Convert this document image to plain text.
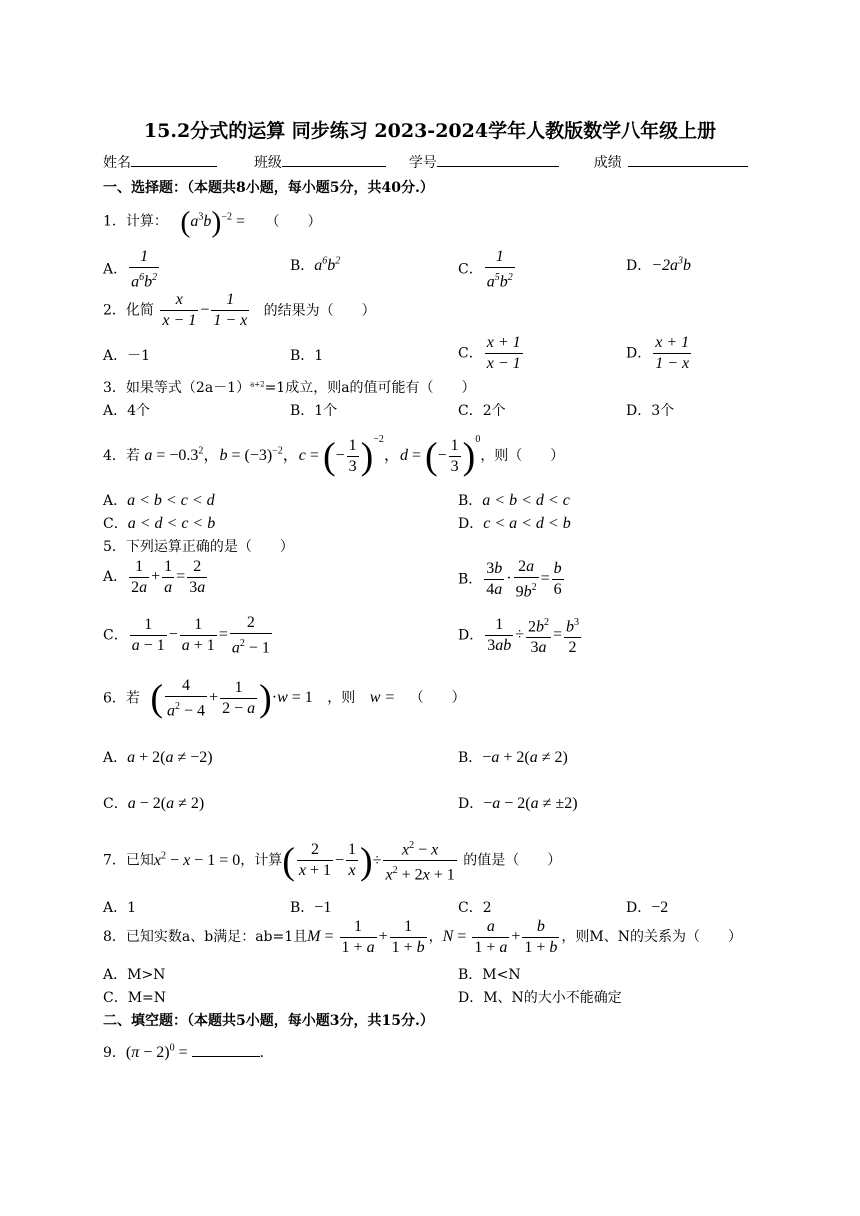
15.2分式的运算 同步练习 2023-2024学年人教版数学八年级上册
姓名	班级	学号	成绩
一、选择题：（本题共8小题，每小题5分，共40分.）
1．计算： $(a^3b)^{-2}$ = （　　）
A． $\frac{1}{a^6b^2}$	B．$a^6b^2$
C． $\frac{1}{a^5b^2}$	D．$-2a^3b$
2．化简 $\frac{x}{x - 1} - \frac{1}{1 - x}$ 的结果为（　　）
A．－1	B．1	C． $\frac{x + 1}{x - 1}$	D． $\frac{x + 1}{1 - x}$
3．如果等式$(2a-1)^{a+2}=1$成立，则a的值可能有（　　）
A．4个	B．1个	C．2个	D．3个
4．若 $a = -0.3^2$，$b = (-3)^{-2}$，c = (− $\frac{1}{3} )^{-2}$，d = (− $\frac{1}{3} )^0$，则（　　）
A．a < b < c < d	B．a < b < d < c
C．a < d < c < b	D．c < a < d < b
5．下列运算正确的是（　　）
A． $\frac{1}{2a} + \frac{1}{a} = \frac{2}{3a}$	B． $\frac{3b}{4a} \cdot \frac{2a}{9b^2} = \frac{b}{6}$
C． $\frac{1}{a - 1} - \frac{1}{a + 1} = \frac{2}{a^2 - 1}$	D． $\frac{1}{3ab} \div \frac{2b^2}{3a} = \frac{b^3}{2}$
6．若 ( $\frac{4}{a^2 - 4} + \frac{1}{2 - a} )\cdot w = 1$ ，则 w = （　　）
A．a + 2(a ≠ −2)	B．−a + 2(a ≠ 2)
C．a − 2(a ≠ 2)	D．−a − 2(a ≠ ±2)
7．已知$x^2 - x - 1 = 0$，计算( $\frac{2}{x + 1} - \frac{1}{x}$ )÷ $\frac{x^2 - x}{x^2 + 2x + 1}$ 的值是（　　）
A．1	B．−1	C．2	D．−2
8．已知实数a、b满足：ab=1且$M = \frac{1}{1 + a} + \frac{1}{1 + b}$ ，$N = \frac{a}{1 + a} + \frac{b}{1 + b}$ ，则M、N的关系为（　　）
A．M>N	B．M<N
C．M=N	D．M、N的大小不能确定
二、填空题：（本题共5小题，每小题3分，共15分.）
9．$(\pi - 2)^0$ =	．
